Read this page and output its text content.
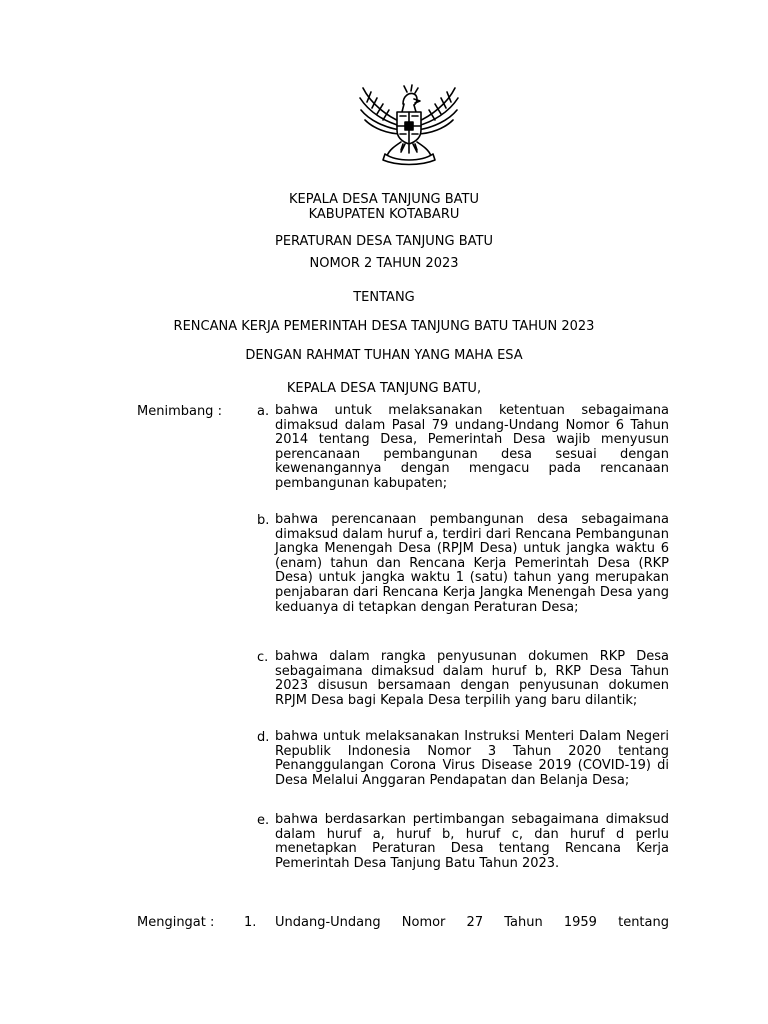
KEPALA DESA TANJUNG BATU
KABUPATEN KOTABARU
PERATURAN DESA TANJUNG BATU
NOMOR 2 TAHUN 2023
TENTANG
RENCANA KERJA PEMERINTAH DESA TANJUNG BATU TAHUN 2023
DENGAN RAHMAT TUHAN YANG MAHA ESA
KEPALA DESA TANJUNG BATU,
Menimbang :	a. bahwa untuk melaksanakan ketentuan sebagaimana dimaksud dalam Pasal 79 undang-Undang Nomor 6 Tahun 2014 tentang Desa, Pemerintah Desa wajib menyusun perencanaan pembangunan desa sesuai dengan kewenangannya dengan mengacu pada rencanaan pembangunan kabupaten;
b. bahwa perencanaan pembangunan desa sebagaimana dimaksud dalam huruf a, terdiri dari Rencana Pembangunan Jangka Menengah Desa (RPJM Desa) untuk jangka waktu 6 (enam) tahun dan Rencana Kerja Pemerintah Desa (RKP Desa) untuk jangka waktu 1 (satu) tahun yang merupakan penjabaran dari Rencana Kerja Jangka Menengah Desa yang keduanya di tetapkan dengan Peraturan Desa;
c. bahwa dalam rangka penyusunan dokumen RKP Desa sebagaimana dimaksud dalam huruf b, RKP Desa Tahun 2023 disusun bersamaan dengan penyusunan dokumen RPJM Desa bagi Kepala Desa terpilih yang baru dilantik;
d. bahwa untuk melaksanakan Instruksi Menteri Dalam Negeri Republik Indonesia Nomor 3 Tahun 2020 tentang Penanggulangan Corona Virus Disease 2019 (COVID-19) di Desa Melalui Anggaran Pendapatan dan Belanja Desa;
e. bahwa berdasarkan pertimbangan sebagaimana dimaksud dalam huruf a, huruf b, huruf c, dan huruf d perlu menetapkan Peraturan Desa tentang Rencana Kerja Pemerintah Desa Tanjung Batu Tahun 2023.
Mengingat : 1. Undang-Undang Nomor 27 Tahun 1959 tentang
